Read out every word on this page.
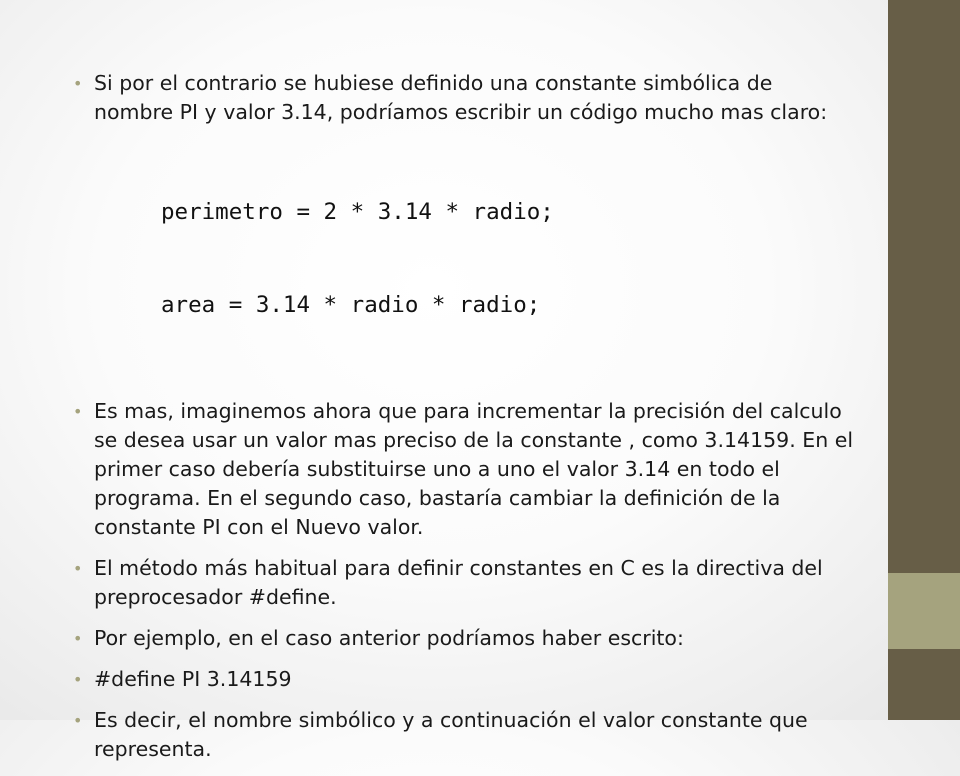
• Si por el contrario se hubiese definido una constante simbólica de nombre PI y valor 3.14, podríamos escribir un código mucho mas claro:

perimetro = 2 * 3.14 * radio;

area = 3.14 * radio * radio;

• Es mas, imaginemos ahora que para incrementar la precisión del calculo se desea usar un valor mas preciso de la constante , como 3.14159. En el primer caso debería substituirse uno a uno el valor 3.14 en todo el programa. En el segundo caso, bastaría cambiar la definición de la constante PI con el Nuevo valor.
• El método más habitual para definir constantes en C es la directiva del preprocesador #define.
• Por ejemplo, en el caso anterior podríamos haber escrito:
• #define PI 3.14159
• Es decir, el nombre simbólico y a continuación el valor constante que representa.
